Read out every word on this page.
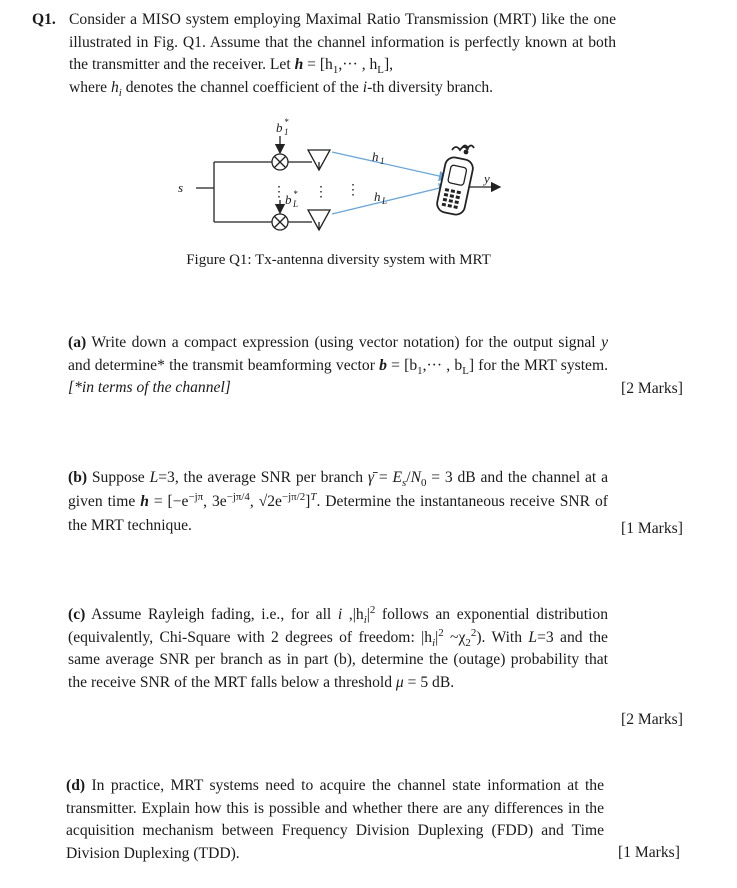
Q1. Consider a MISO system employing Maximal Ratio Transmission (MRT) like the one illustrated in Fig. Q1. Assume that the channel information is perfectly known at both the transmitter and the receiver. Let $h = [h_1,\cdot\cdot\cdot$ , $h_L$],
where $h_i$ denotes the channel coefficient of the i-th diversity branch.
s
b 1
*
b L
*
⋮ ⋮ ⋮
h 1
h L
y
Figure Q1: Tx-antenna diversity system with MRT
(a) Write down a compact expression (using vector notation) for the output signal y and determine* the transmit beamforming vector $b = [b_1,\cdot\cdot\cdot$ , $b_L$] for the MRT system. [*in terms of the channel]	[2 Marks]
(b) Suppose L=3, the average SNR per branch γ̄ = $E_s/N_0 = 3$ dB and the channel at a given time $h = [-e^{-j\pi}$, $3e^{-j\pi/4}$, $√2e^{-j\pi/2}]^T$. Determine the instantaneous receive SNR of the MRT technique.	[1 Marks]
(c) Assume Rayleigh fading, i.e., for all i $,|h_i|^2$ follows an exponential distribution (equivalently, Chi-Square with 2 degrees of freedom: $|h_i|^2$ $\sim\chi_2^2$). With L=3 and the same average SNR per branch as in part (b), determine the (outage) probability that the receive SNR of the MRT falls below a threshold μ = 5 dB.
[2 Marks]
(d) In practice, MRT systems need to acquire the channel state information at the transmitter. Explain how this is possible and whether there are any differences in the acquisition mechanism between Frequency Division Duplexing (FDD) and Time Division Duplexing (TDD).	[1 Marks]
